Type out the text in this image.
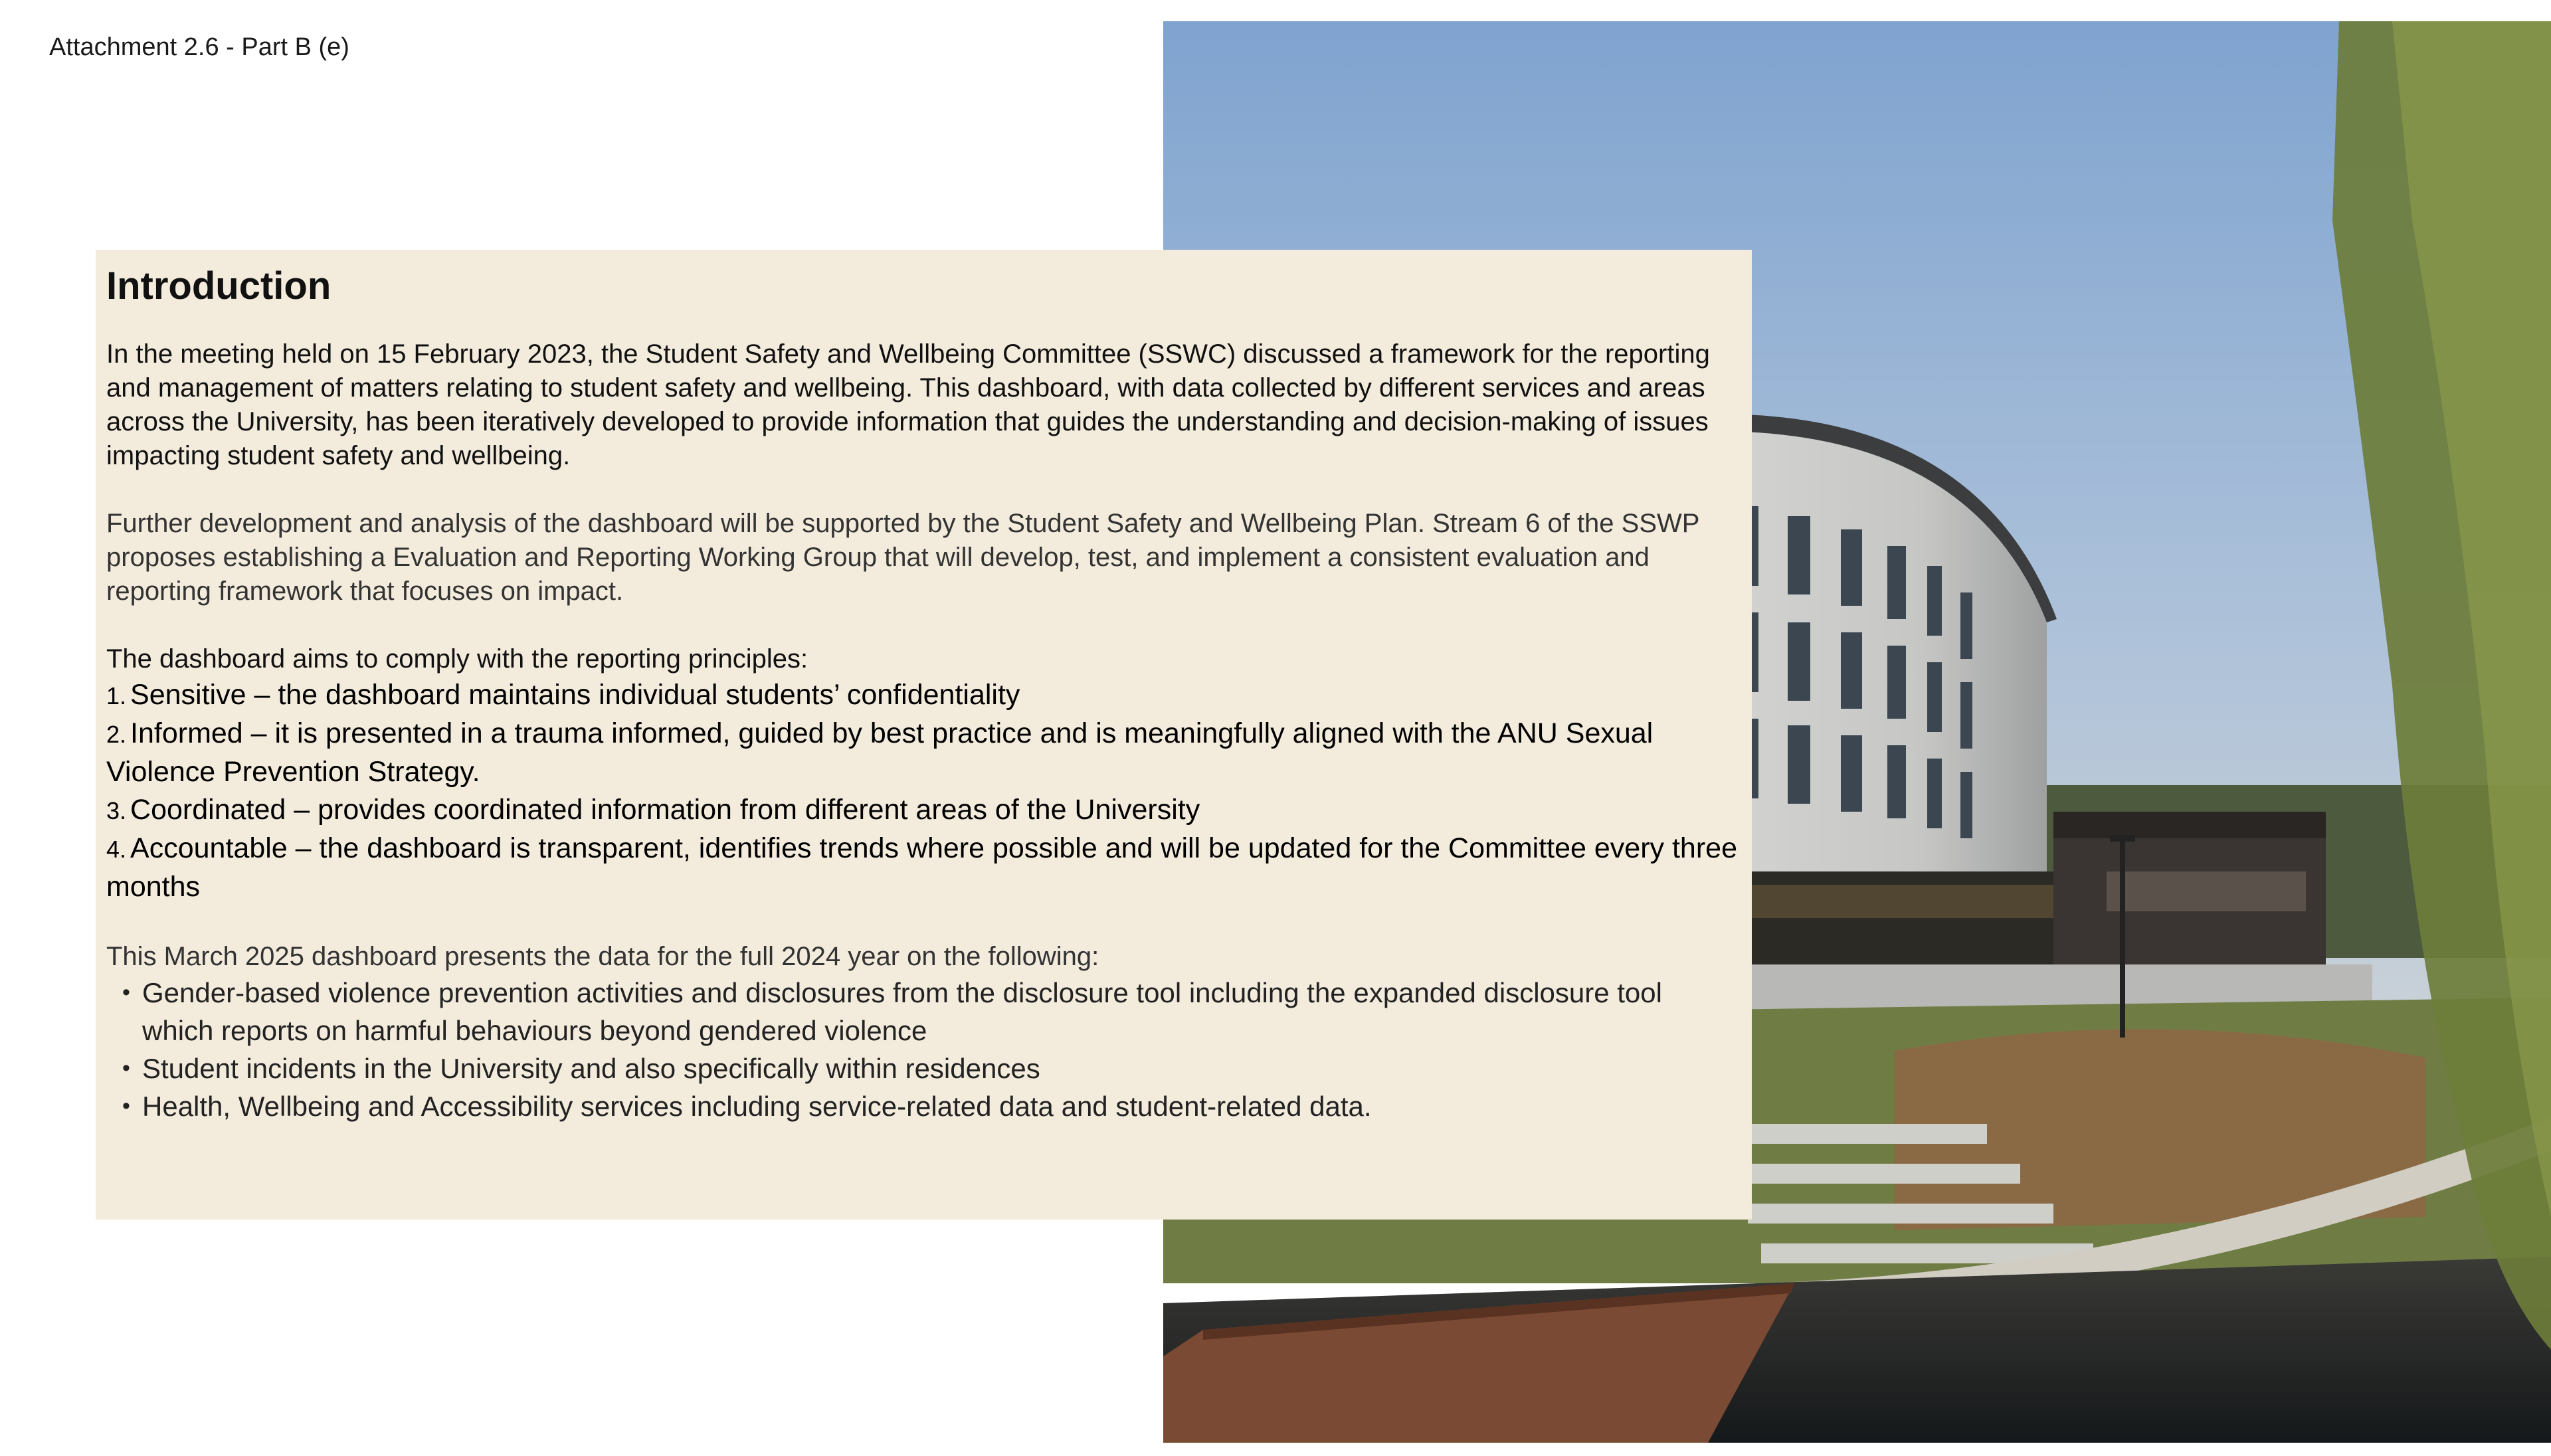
Attachment 2.6 - Part B (e)
Introduction

In the meeting held on 15 February 2023, the Student Safety and Wellbeing Committee (SSWC) discussed a framework for the reporting and management of matters relating to student safety and wellbeing. This dashboard, with data collected by different services and areas across the University, has been iteratively developed to provide information that guides the understanding and decision-making of issues impacting student safety and wellbeing.

Further development and analysis of the dashboard will be supported by the Student Safety and Wellbeing Plan. Stream 6 of the SSWP proposes establishing a Evaluation and Reporting Working Group that will develop, test, and implement a consistent evaluation and reporting framework that focuses on impact.

The dashboard aims to comply with the reporting principles:

1. Sensitive – the dashboard maintains individual students’ confidentiality
2. Informed – it is presented in a trauma informed, guided by best practice and is meaningfully aligned with the ANU Sexual Violence Prevention Strategy.
3. Coordinated – provides coordinated information from different areas of the University
4. Accountable – the dashboard is transparent, identifies trends where possible and will be updated for the Committee every three months

This March 2025 dashboard presents the data for the full 2024 year on the following:

• Gender-based violence prevention activities and disclosures from the disclosure tool including the expanded disclosure tool which reports on harmful behaviours beyond gendered violence
• Student incidents in the University and also specifically within residences
• Health, Wellbeing and Accessibility services including service-related data and student-related data.
